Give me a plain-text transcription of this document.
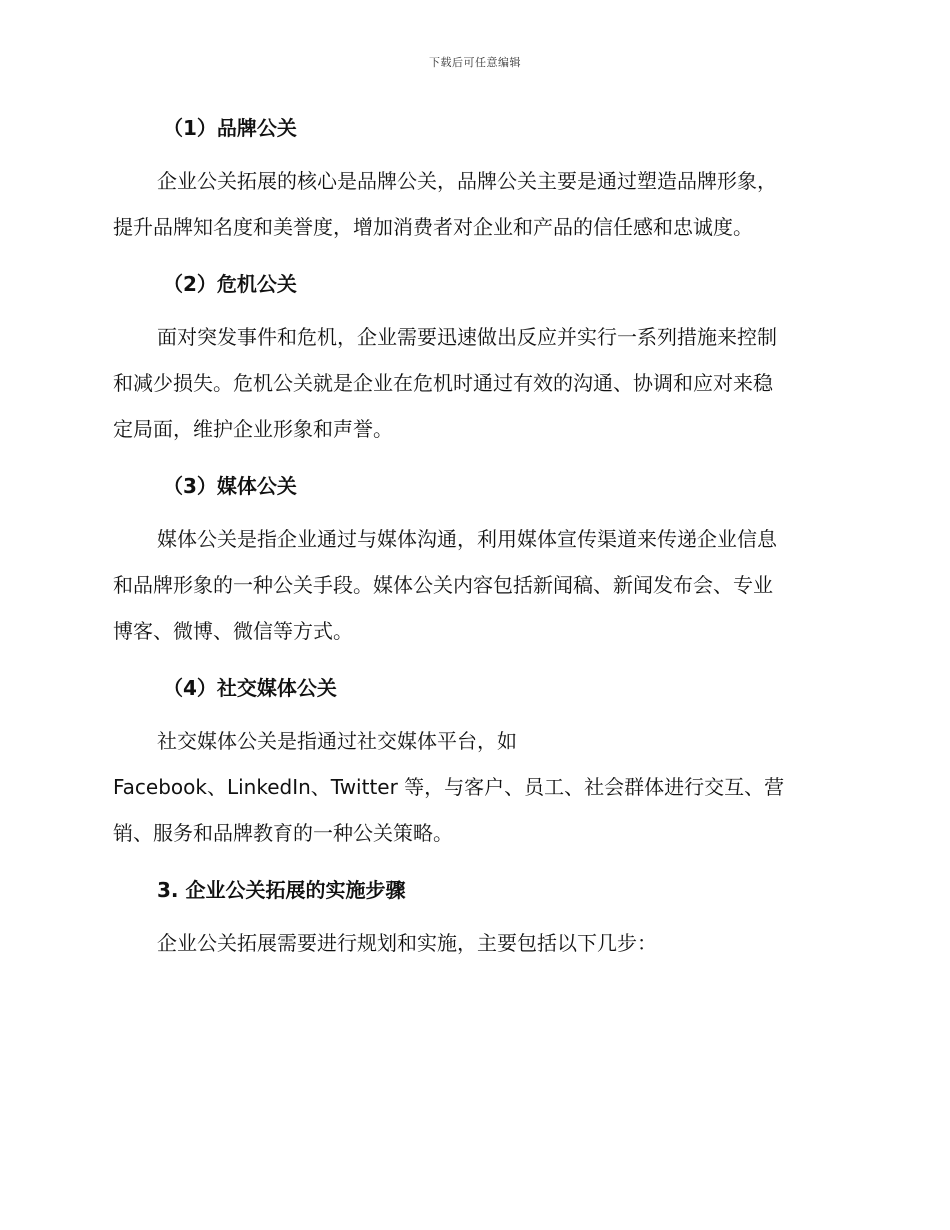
下载后可任意编辑
（1）品牌公关

企业公关拓展的核心是品牌公关，品牌公关主要是通过塑造品牌形象，
提升品牌知名度和美誉度，增加消费者对企业和产品的信任感和忠诚度。

（2）危机公关

面对突发事件和危机，企业需要迅速做出反应并实行一系列措施来控制
和减少损失。危机公关就是企业在危机时通过有效的沟通、协调和应对来稳
定局面，维护企业形象和声誉。

（3）媒体公关

媒体公关是指企业通过与媒体沟通，利用媒体宣传渠道来传递企业信息
和品牌形象的一种公关手段。媒体公关内容包括新闻稿、新闻发布会、专业
博客、微博、微信等方式。

（4）社交媒体公关

社交媒体公关是指通过社交媒体平台，如
Facebook、LinkedIn、Twitter 等，与客户、员工、社会群体进行交互、营
销、服务和品牌教育的一种公关策略。

3. 企业公关拓展的实施步骤

企业公关拓展需要进行规划和实施，主要包括以下几步：
